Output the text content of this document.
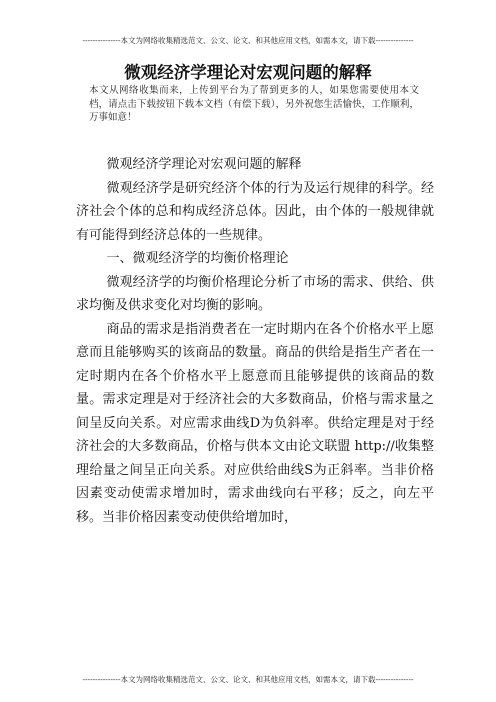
---------------本文为网络收集精选范文、公文、论文、和其他应用文档，如需本文，请下载---------------
微观经济学理论对宏观问题的解释
本文从网络收集而来，上传到平台为了帮到更多的人，如果您需要使用本文档，请点击下载按钮下载本文档（有偿下载），另外祝您生活愉快，工作顺利，万事如意！

微观经济学理论对宏观问题的解释

微观经济学是研究经济个体的行为及运行规律的科学。经济社会个体的总和构成经济总体。因此，由个体的一般规律就有可能得到经济总体的一些规律。

一、微观经济学的均衡价格理论

微观经济学的均衡价格理论分析了市场的需求、供给、供求均衡及供求变化对均衡的影响。

商品的需求是指消费者在一定时期内在各个价格水平上愿意而且能够购买的该商品的数量。商品的供给是指生产者在一定时期内在各个价格水平上愿意而且能够提供的该商品的数量。需求定理是对于经济社会的大多数商品，价格与需求量之间呈反向关系。对应需求曲线D为负斜率。供给定理是对于经济社会的大多数商品，价格与供本文由论文联盟 http://收集整理给量之间呈正向关系。对应供给曲线S为正斜率。当非价格因素变动使需求增加时，需求曲线向右平移；反之，向左平移。当非价格因素变动使供给增加时，

---------------本文为网络收集精选范文、公文、论文、和其他应用文档，如需本文，请下载---------------
